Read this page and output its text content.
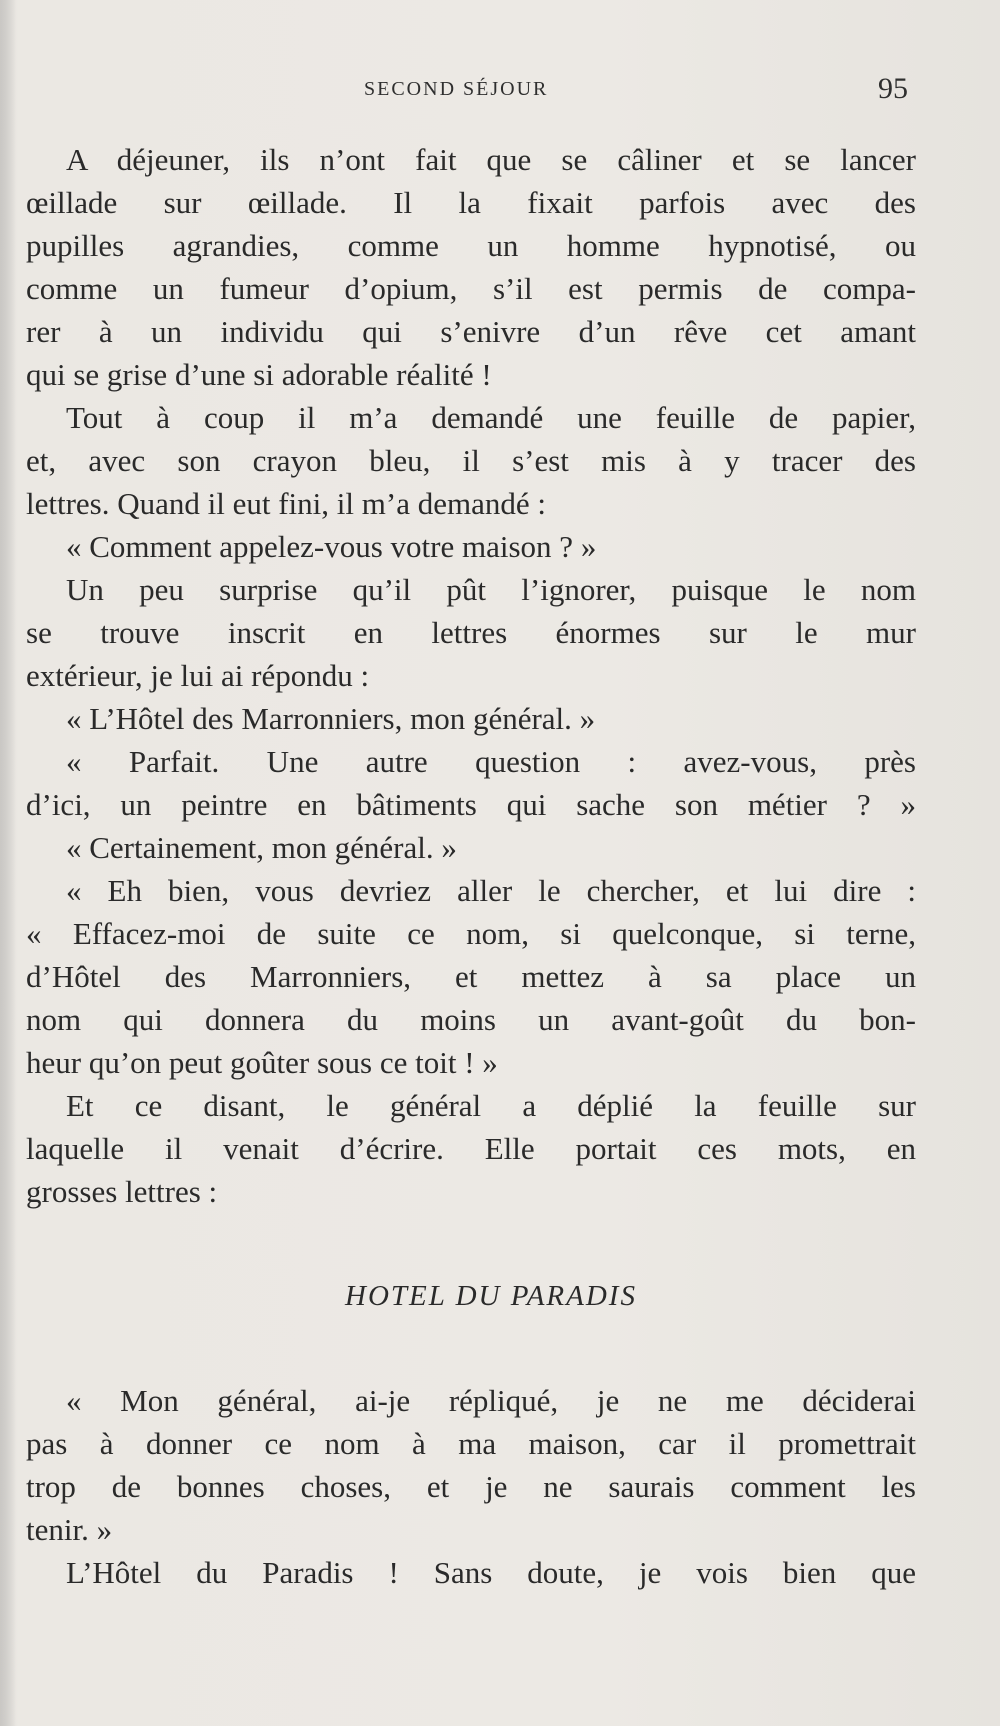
SECOND SÉJOUR	95
A déjeuner, ils n’ont fait que se câliner et se lancer
œillade sur œillade. Il la fixait parfois avec des
pupilles agrandies, comme un homme hypnotisé, ou
comme un fumeur d’opium, s’il est permis de compa-
rer à un individu qui s’enivre d’un rêve cet amant
qui se grise d’une si adorable réalité !
Tout à coup il m’a demandé une feuille de papier,
et, avec son crayon bleu, il s’est mis à y tracer des
lettres. Quand il eut fini, il m’a demandé :
« Comment appelez-vous votre maison ? »
Un peu surprise qu’il pût l’ignorer, puisque le nom
se trouve inscrit en lettres énormes sur le mur
extérieur, je lui ai répondu :
« L’Hôtel des Marronniers, mon général. »
« Parfait. Une autre question : avez-vous, près
d’ici, un peintre en bâtiments qui sache son métier ? »
« Certainement, mon général. »
« Eh bien, vous devriez aller le chercher, et lui dire :
« Effacez-moi de suite ce nom, si quelconque, si terne,
d’Hôtel des Marronniers, et mettez à sa place un
nom qui donnera du moins un avant-goût du bon-
heur qu’on peut goûter sous ce toit ! »
Et ce disant, le général a déplié la feuille sur
laquelle il venait d’écrire. Elle portait ces mots, en
grosses lettres :
HOTEL DU PARADIS
« Mon général, ai-je répliqué, je ne me déciderai
pas à donner ce nom à ma maison, car il promettrait
trop de bonnes choses, et je ne saurais comment les
tenir. »
L’Hôtel du Paradis ! Sans doute, je vois bien que
